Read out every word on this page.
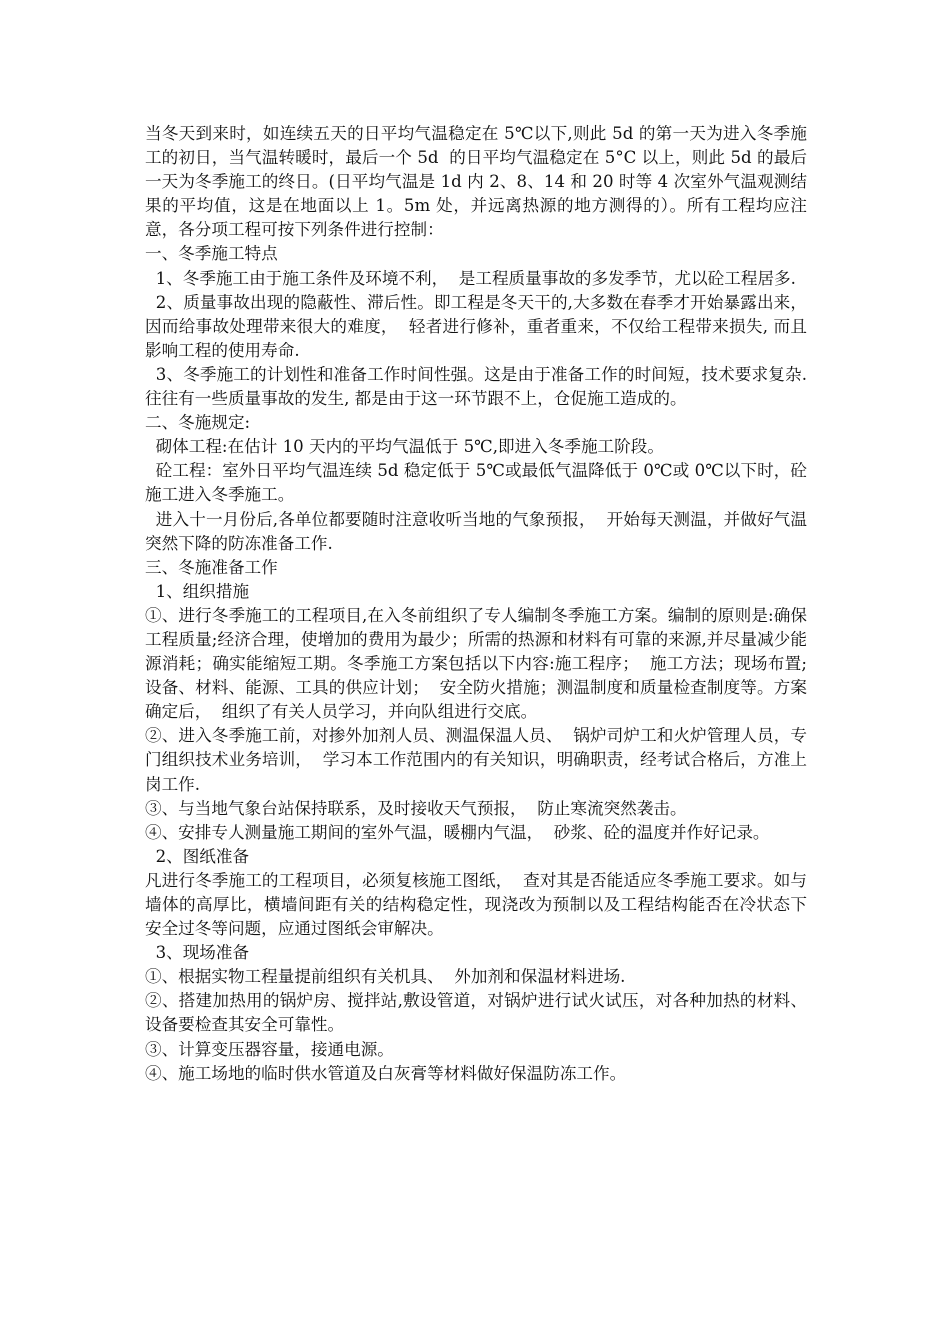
当冬天到来时，如连续五天的日平均气温稳定在 5℃以下,则此 5d 的第一天为进入冬季施工的初日，当气温转暖时，最后一个 5d  的日平均气温稳定在 5°C 以上，则此 5d 的最后一天为冬季施工的终日。(日平均气温是 1d 内 2、8、14 和 20 时等 4 次室外气温观测结果的平均值，这是在地面以上 1。5m 处，并远离热源的地方测得的）。所有工程均应注意，各分项工程可按下列条件进行控制：

一、冬季施工特点

1、冬季施工由于施工条件及环境不利，  是工程质量事故的多发季节，尤以砼工程居多.

2、质量事故出现的隐蔽性、滞后性。即工程是冬天干的,大多数在春季才开始暴露出来，因而给事故处理带来很大的难度，  轻者进行修补，重者重来，不仅给工程带来损失, 而且影响工程的使用寿命.

3、冬季施工的计划性和准备工作时间性强。这是由于准备工作的时间短，技术要求复杂.往往有一些质量事故的发生, 都是由于这一环节跟不上，仓促施工造成的。

二、冬施规定:

砌体工程:在估计 10 天内的平均气温低于 5℃,即进入冬季施工阶段。

砼工程：室外日平均气温连续 5d 稳定低于 5℃或最低气温降低于 0℃或 0℃以下时，砼施工进入冬季施工。

进入十一月份后,各单位都要随时注意收听当地的气象预报，  开始每天测温，并做好气温突然下降的防冻准备工作.

三、冬施准备工作

1、组织措施

①、进行冬季施工的工程项目,在入冬前组织了专人编制冬季施工方案。编制的原则是:确保工程质量;经济合理，使增加的费用为最少；所需的热源和材料有可靠的来源,并尽量减少能源消耗；确实能缩短工期。冬季施工方案包括以下内容:施工程序；  施工方法；现场布置;设备、材料、能源、工具的供应计划；  安全防火措施；测温制度和质量检查制度等。方案确定后，  组织了有关人员学习，并向队组进行交底。

②、进入冬季施工前，对掺外加剂人员、测温保温人员、  锅炉司炉工和火炉管理人员，专门组织技术业务培训，  学习本工作范围内的有关知识，明确职责，经考试合格后，方准上岗工作.

③、与当地气象台站保持联系，及时接收天气预报，  防止寒流突然袭击。

④、安排专人测量施工期间的室外气温，暖棚内气温，  砂浆、砼的温度并作好记录。

2、图纸准备

凡进行冬季施工的工程项目，必须复核施工图纸，  查对其是否能适应冬季施工要求。如与墙体的高厚比，横墙间距有关的结构稳定性，现浇改为预制以及工程结构能否在冷状态下安全过冬等问题，应通过图纸会审解决。

3、现场准备

①、根据实物工程量提前组织有关机具、  外加剂和保温材料进场.

②、搭建加热用的锅炉房、搅拌站,敷设管道，对锅炉进行试火试压，对各种加热的材料、设备要检查其安全可靠性。

③、计算变压器容量，接通电源。

④、施工场地的临时供水管道及白灰膏等材料做好保温防冻工作。
